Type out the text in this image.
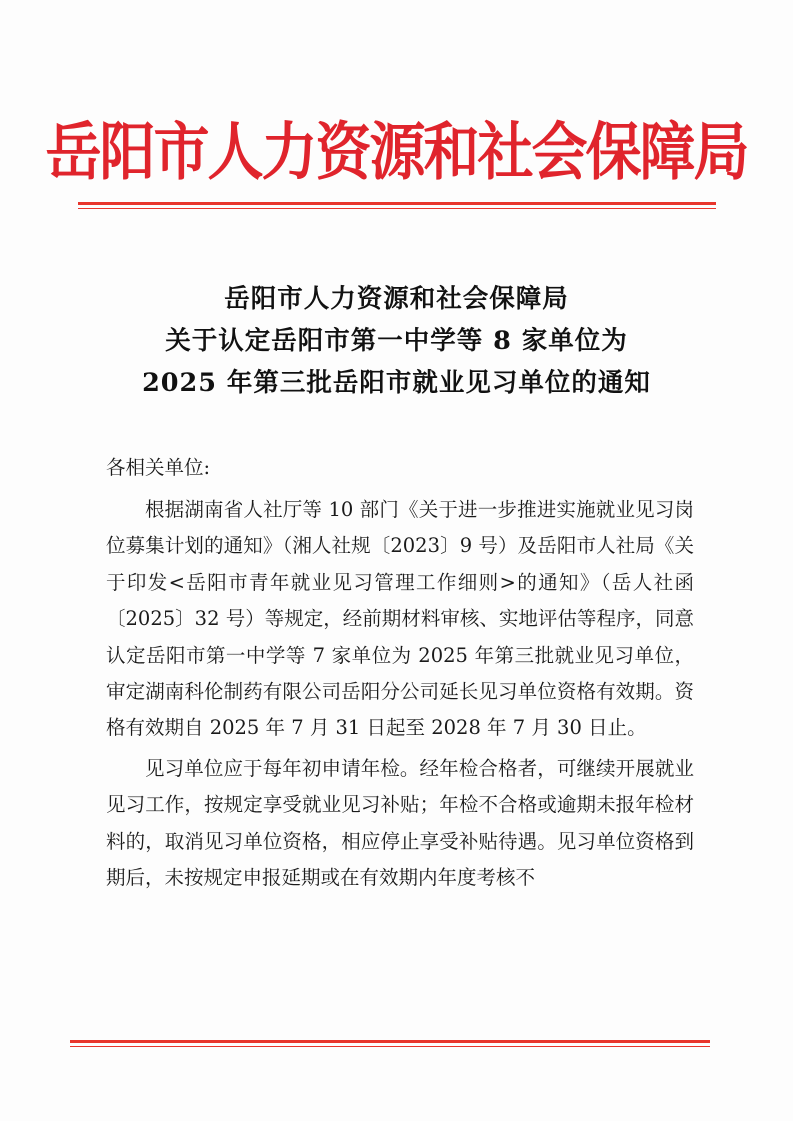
岳阳市人力资源和社会保障局
岳阳市人力资源和社会保障局
关于认定岳阳市第一中学等 8 家单位为
2025 年第三批岳阳市就业见习单位的通知
各相关单位:
根据湖南省人社厅等 10 部门《关于进一步推进实施就业见习岗位募集计划的通知》（湘人社规〔2023〕9 号）及岳阳市人社局《关于印发<岳阳市青年就业见习管理工作细则>的通知》（岳人社函〔2025〕32 号）等规定，经前期材料审核、实地评估等程序，同意认定岳阳市第一中学等 7 家单位为 2025 年第三批就业见习单位，审定湖南科伦制药有限公司岳阳分公司延长见习单位资格有效期。资格有效期自 2025 年 7 月 31 日起至 2028 年 7 月 30 日止。
见习单位应于每年初申请年检。经年检合格者，可继续开展就业见习工作，按规定享受就业见习补贴；年检不合格或逾期未报年检材料的，取消见习单位资格，相应停止享受补贴待遇。见习单位资格到期后，未按规定申报延期或在有效期内年度考核不
